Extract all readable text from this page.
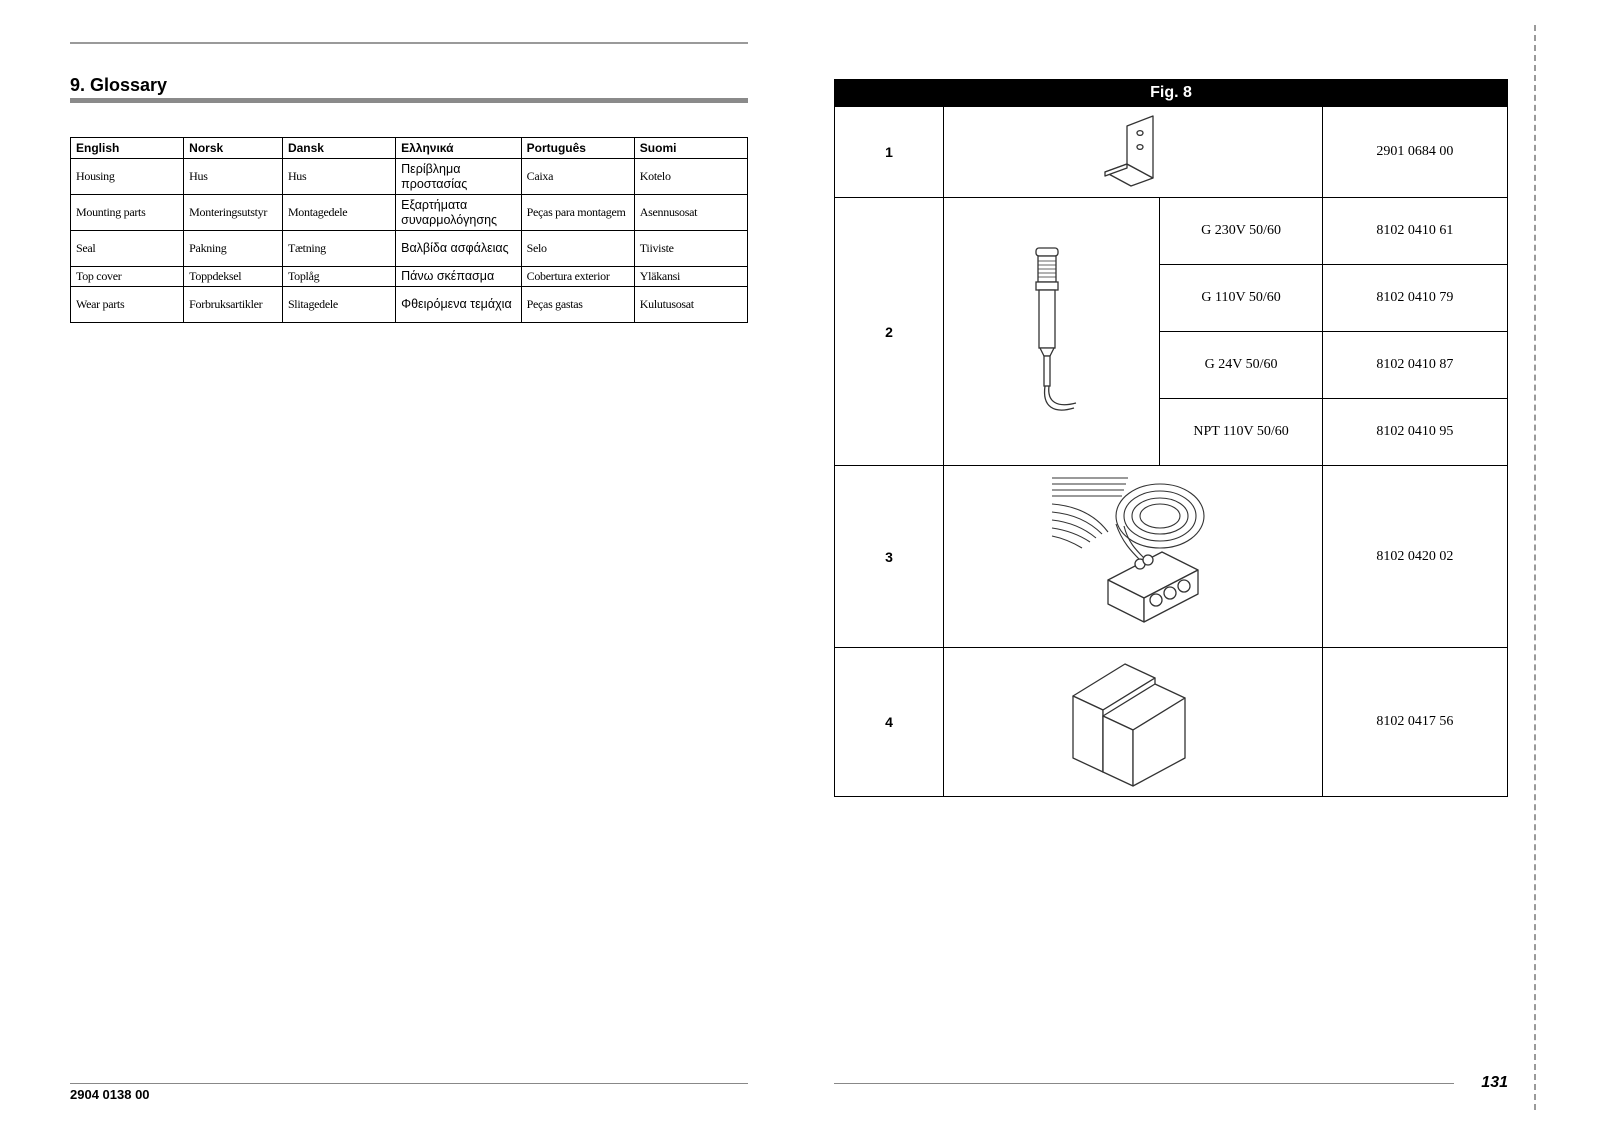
9. Glossary
English	Norsk	Dansk	Ελληνικά	Português	Suomi
Housing	Hus	Hus	Περίβλημα προστασίας	Caixa	Kotelo
Mounting parts	Monteringsutstyr	Montagedele	Εξαρτήματα συναρμολόγησης	Peças para montagem	Asennusosat
Seal	Pakning	Tætning	Βαλβίδα ασφάλειας	Selo	Tiiviste
Top cover	Toppdeksel	Toplåg	Πάνω σκέπασμα	Cobertura exterior	Yläkansi
Wear parts	Forbruksartikler	Slitagedele	Φθειρόμενα τεμάχια	Peças gastas	Kulutusosat
2904 0138 00
Fig. 8			
1			2901 0684 00
2		G 230V 50/60	8102 0410 61
		G 110V 50/60	8102 0410 79
		G 24V 50/60	8102 0410 87
		NPT 110V 50/60	8102 0410 95
3			8102 0420 02
4			8102 0417 56
131
